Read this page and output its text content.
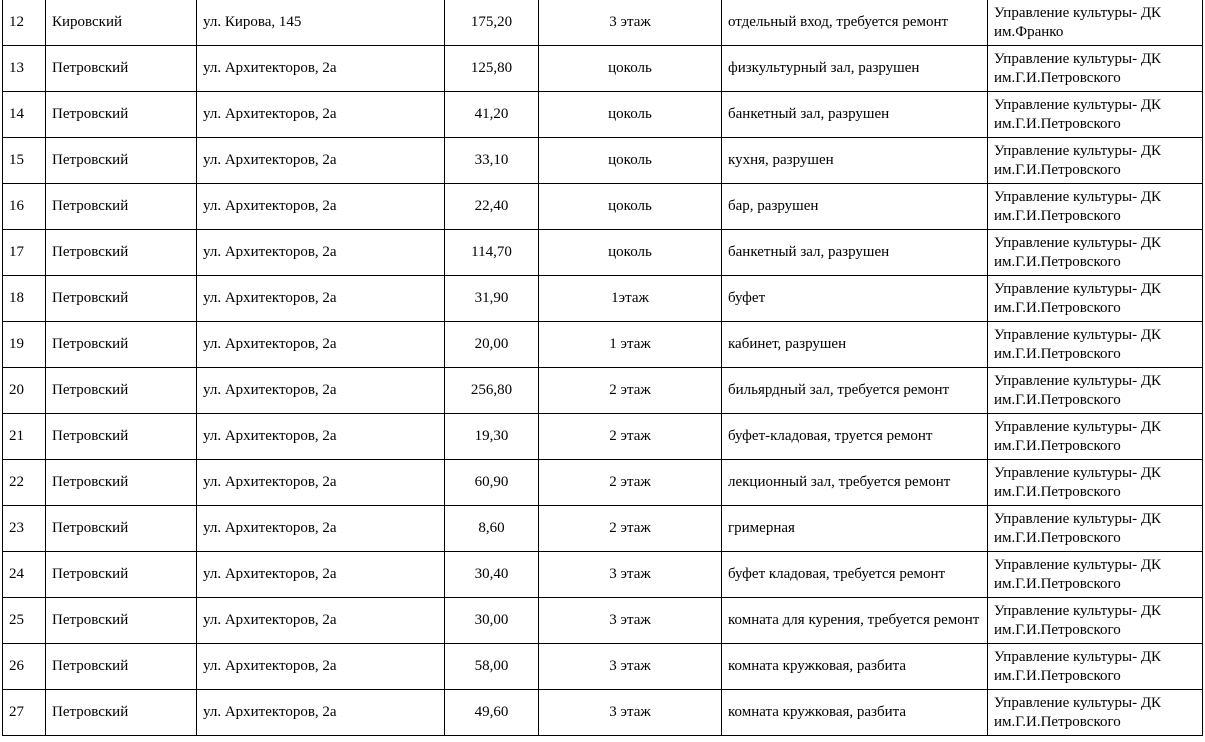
12	Кировский	ул. Кирова, 145	175,20	3 этаж	отдельный вход, требуется ремонт	Управление культуры- ДК им.Франко
13	Петровский	ул. Архитекторов, 2а	125,80	цоколь	физкультурный зал, разрушен	Управление культуры- ДК им.Г.И.Петровского
14	Петровский	ул. Архитекторов, 2а	41,20	цоколь	банкетный зал, разрушен	Управление культуры- ДК им.Г.И.Петровского
15	Петровский	ул. Архитекторов, 2а	33,10	цоколь	кухня, разрушен	Управление культуры- ДК им.Г.И.Петровского
16	Петровский	ул. Архитекторов, 2а	22,40	цоколь	бар, разрушен	Управление культуры- ДК им.Г.И.Петровского
17	Петровский	ул. Архитекторов, 2а	114,70	цоколь	банкетный зал, разрушен	Управление культуры- ДК им.Г.И.Петровского
18	Петровский	ул. Архитекторов, 2а	31,90	1этаж	буфет	Управление культуры- ДК им.Г.И.Петровского
19	Петровский	ул. Архитекторов, 2а	20,00	1 этаж	кабинет, разрушен	Управление культуры- ДК им.Г.И.Петровского
20	Петровский	ул. Архитекторов, 2а	256,80	2 этаж	бильярдный зал, требуется ремонт	Управление культуры- ДК им.Г.И.Петровского
21	Петровский	ул. Архитекторов, 2а	19,30	2 этаж	буфет-кладовая, труется ремонт	Управление культуры- ДК им.Г.И.Петровского
22	Петровский	ул. Архитекторов, 2а	60,90	2 этаж	лекционный зал, требуется ремонт	Управление культуры- ДК им.Г.И.Петровского
23	Петровский	ул. Архитекторов, 2а	8,60	2 этаж	гримерная	Управление культуры- ДК им.Г.И.Петровского
24	Петровский	ул. Архитекторов, 2а	30,40	3 этаж	буфет кладовая, требуется ремонт	Управление культуры- ДК им.Г.И.Петровского
25	Петровский	ул. Архитекторов, 2а	30,00	3 этаж	комната для курения, требуется ремонт	Управление культуры- ДК им.Г.И.Петровского
26	Петровский	ул. Архитекторов, 2а	58,00	3 этаж	комната кружковая, разбита	Управление культуры- ДК им.Г.И.Петровского
27	Петровский	ул. Архитекторов, 2а	49,60	3 этаж	комната кружковая, разбита	Управление культуры- ДК им.Г.И.Петровского
